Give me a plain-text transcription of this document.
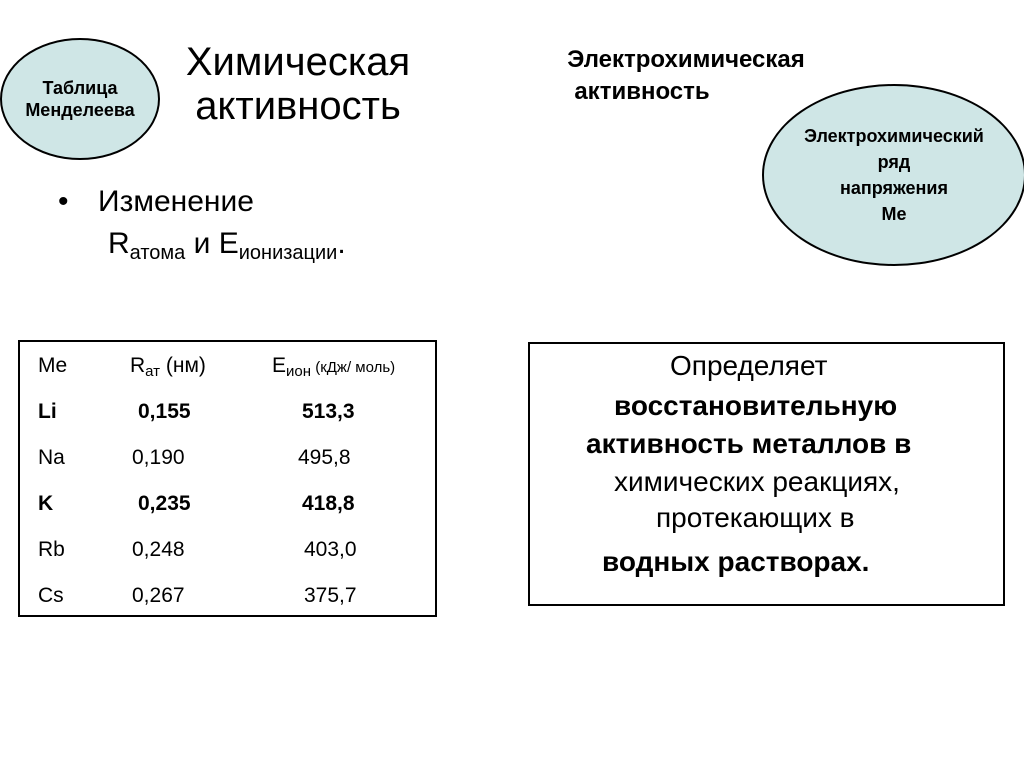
Таблица
Менделеева
Химическая
активность
Электрохимическая
активность
Электрохимический
ряд
напряжения
Ме
• Изменение
$R_{атома}$ и $E_{ионизации}$.
Me	Rат (нм)	Eион (кДж/ моль)
Li	0,155	513,3
Na	0,190	495,8
K	0,235	418,8
Rb	0,248	403,0
Cs	0,267	375,7
Определяет
восстановительную
активность металлов в
химических реакциях,
протекающих в
водных растворах.
